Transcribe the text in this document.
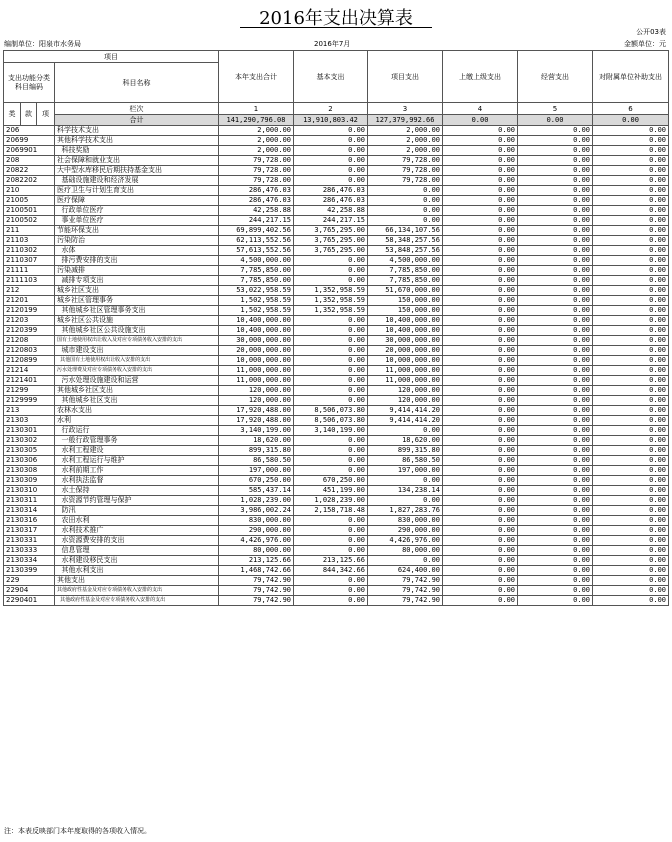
2016年支出决算表
公开03表
编制单位：阳泉市水务局	2016年7月	金额单位：元
项目				本年支出合计	基本支出	项目支出	上缴上级支出	经营支出	对附属单位补助支出
支出功能分类科目编码			科目名称						

类	款	项	栏次	1	2	3	4	5	6
			合计	141,290,796.08	13,910,803.42	127,379,992.66	0.00	0.00	0.00
206			科学技术支出	2,000.00	0.00	2,000.00	0.00	0.00	0.00
20699			其他科学技术支出	2,000.00	0.00	2,000.00	0.00	0.00	0.00
2069901			科技奖励	2,000.00	0.00	2,000.00	0.00	0.00	0.00
208			社会保障和就业支出	79,728.00	0.00	79,728.00	0.00	0.00	0.00
20822			大中型水库移民后期扶持基金支出	79,728.00	0.00	79,728.00	0.00	0.00	0.00
2082202			基础设施建设和经济发展	79,728.00	0.00	79,728.00	0.00	0.00	0.00
210			医疗卫生与计划生育支出	286,476.03	286,476.03	0.00	0.00	0.00	0.00
21005			医疗保障	286,476.03	286,476.03	0.00	0.00	0.00	0.00
2100501			行政单位医疗	42,258.88	42,258.88	0.00	0.00	0.00	0.00
2100502			事业单位医疗	244,217.15	244,217.15	0.00	0.00	0.00	0.00
211			节能环保支出	69,899,402.56	3,765,295.00	66,134,107.56	0.00	0.00	0.00
21103			污染防治	62,113,552.56	3,765,295.00	58,348,257.56	0.00	0.00	0.00
2110302			水体	57,613,552.56	3,765,295.00	53,848,257.56	0.00	0.00	0.00
2110307			排污费安排的支出	4,500,000.00	0.00	4,500,000.00	0.00	0.00	0.00
21111			污染减排	7,785,850.00	0.00	7,785,850.00	0.00	0.00	0.00
2111103			减排专项支出	7,785,850.00	0.00	7,785,850.00	0.00	0.00	0.00
212			城乡社区支出	53,022,958.59	1,352,958.59	51,670,000.00	0.00	0.00	0.00
21201			城乡社区管理事务	1,502,958.59	1,352,958.59	150,000.00	0.00	0.00	0.00
2120199			其他城乡社区管理事务支出	1,502,958.59	1,352,958.59	150,000.00	0.00	0.00	0.00
21203			城乡社区公共设施	10,400,000.00	0.00	10,400,000.00	0.00	0.00	0.00
2120399			其他城乡社区公共设施支出	10,400,000.00	0.00	10,400,000.00	0.00	0.00	0.00
21208			国有土地使用权出让收入及对应专项债务收入安排的支出	30,000,000.00	0.00	30,000,000.00	0.00	0.00	0.00
2120803			城市建设支出	20,000,000.00	0.00	20,000,000.00	0.00	0.00	0.00
2120899			其他国有土地使用权出让收入安排的支出	10,000,000.00	0.00	10,000,000.00	0.00	0.00	0.00
21214			污水处理费及对应专项债务收入安排的支出	11,000,000.00	0.00	11,000,000.00	0.00	0.00	0.00
2121401			污水处理设施建设和运营	11,000,000.00	0.00	11,000,000.00	0.00	0.00	0.00
21299			其他城乡社区支出	120,000.00	0.00	120,000.00	0.00	0.00	0.00
2129999			其他城乡社区支出	120,000.00	0.00	120,000.00	0.00	0.00	0.00
213			农林水支出	17,920,488.00	8,506,073.80	9,414,414.20	0.00	0.00	0.00
21303			水利	17,920,488.00	8,506,073.80	9,414,414.20	0.00	0.00	0.00
2130301			行政运行	3,140,199.00	3,140,199.00	0.00	0.00	0.00	0.00
2130302			一般行政管理事务	18,620.00	0.00	18,620.00	0.00	0.00	0.00
2130305			水利工程建设	899,315.80	0.00	899,315.80	0.00	0.00	0.00
2130306			水利工程运行与维护	86,580.50	0.00	86,580.50	0.00	0.00	0.00
2130308			水利前期工作	197,000.00	0.00	197,000.00	0.00	0.00	0.00
2130309			水利执法监督	670,250.00	670,250.00	0.00	0.00	0.00	0.00
2130310			水土保持	585,437.14	451,199.00	134,238.14	0.00	0.00	0.00
2130311			水资源节约管理与保护	1,028,239.00	1,028,239.00	0.00	0.00	0.00	0.00
2130314			防汛	3,986,002.24	2,158,718.48	1,827,283.76	0.00	0.00	0.00
2130316			农田水利	830,000.00	0.00	830,000.00	0.00	0.00	0.00
2130317			水利技术推广	290,000.00	0.00	290,000.00	0.00	0.00	0.00
2130331			水资源费安排的支出	4,426,976.00	0.00	4,426,976.00	0.00	0.00	0.00
2130333			信息管理	80,000.00	0.00	80,000.00	0.00	0.00	0.00
2130334			水利建设移民支出	213,125.66	213,125.66	0.00	0.00	0.00	0.00
2130399			其他水利支出	1,468,742.66	844,342.66	624,400.00	0.00	0.00	0.00
229			其他支出	79,742.90	0.00	79,742.90	0.00	0.00	0.00
22904			其他政府性基金及对应专项债务收入安排的支出	79,742.90	0.00	79,742.90	0.00	0.00	0.00
2290401			其他政府性基金及对应专项债务收入安排的支出	79,742.90	0.00	79,742.90	0.00	0.00	0.00
注：本表反映部门本年度取得的各项收入情况。
